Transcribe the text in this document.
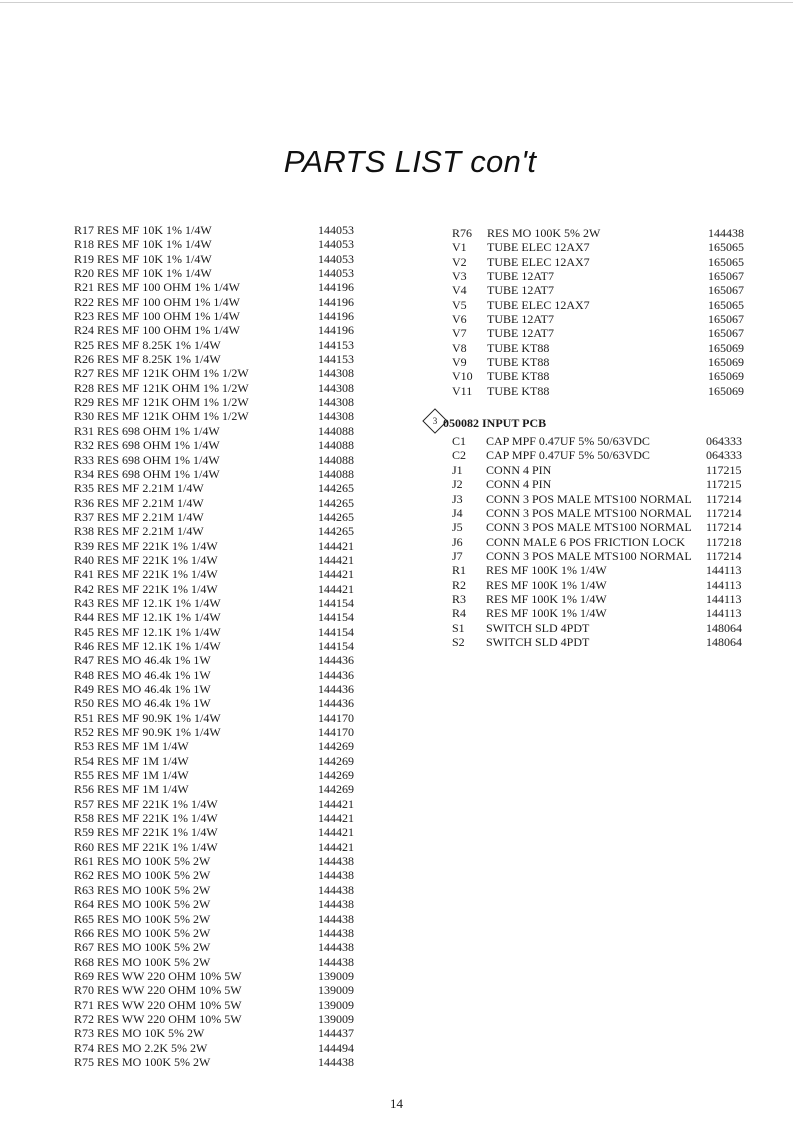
PARTS LIST con't
R17 RES MF 10K 1% 1/4W	144053
R18 RES MF 10K 1% 1/4W	144053
R19 RES MF 10K 1% 1/4W	144053
R20 RES MF 10K 1% 1/4W	144053
R21 RES MF 100 OHM 1% 1/4W	144196
R22 RES MF 100 OHM 1% 1/4W	144196
R23 RES MF 100 OHM 1% 1/4W	144196
R24 RES MF 100 OHM 1% 1/4W	144196
R25 RES MF 8.25K 1% 1/4W	144153
R26 RES MF 8.25K 1% 1/4W	144153
R27 RES MF 121K OHM 1% 1/2W	144308
R28 RES MF 121K OHM 1% 1/2W	144308
R29 RES MF 121K OHM 1% 1/2W	144308
R30 RES MF 121K OHM 1% 1/2W	144308
R31 RES 698 OHM 1% 1/4W	144088
R32 RES 698 OHM 1% 1/4W	144088
R33 RES 698 OHM 1% 1/4W	144088
R34 RES 698 OHM 1% 1/4W	144088
R35 RES MF 2.21M 1/4W	144265
R36 RES MF 2.21M 1/4W	144265
R37 RES MF 2.21M 1/4W	144265
R38 RES MF 2.21M 1/4W	144265
R39 RES MF 221K 1% 1/4W	144421
R40 RES MF 221K 1% 1/4W	144421
R41 RES MF 221K 1% 1/4W	144421
R42 RES MF 221K 1% 1/4W	144421
R43 RES MF 12.1K 1% 1/4W	144154
R44 RES MF 12.1K 1% 1/4W	144154
R45 RES MF 12.1K 1% 1/4W	144154
R46 RES MF 12.1K 1% 1/4W	144154
R47 RES MO 46.4k 1% 1W	144436
R48 RES MO 46.4k 1% 1W	144436
R49 RES MO 46.4k 1% 1W	144436
R50 RES MO 46.4k 1% 1W	144436
R51 RES MF 90.9K 1% 1/4W	144170
R52 RES MF 90.9K 1% 1/4W	144170
R53 RES MF 1M 1/4W	144269
R54 RES MF 1M 1/4W	144269
R55 RES MF 1M 1/4W	144269
R56 RES MF 1M 1/4W	144269
R57 RES MF 221K 1% 1/4W	144421
R58 RES MF 221K 1% 1/4W	144421
R59 RES MF 221K 1% 1/4W	144421
R60 RES MF 221K 1% 1/4W	144421
R61 RES MO 100K 5% 2W	144438
R62 RES MO 100K 5% 2W	144438
R63 RES MO 100K 5% 2W	144438
R64 RES MO 100K 5% 2W	144438
R65 RES MO 100K 5% 2W	144438
R66 RES MO 100K 5% 2W	144438
R67 RES MO 100K 5% 2W	144438
R68 RES MO 100K 5% 2W	144438
R69 RES WW 220 OHM 10% 5W	139009
R70 RES WW 220 OHM 10% 5W	139009
R71 RES WW 220 OHM 10% 5W	139009
R72 RES WW 220 OHM 10% 5W	139009
R73 RES MO 10K 5% 2W	144437
R74 RES MO 2.2K 5% 2W	144494
R75 RES MO 100K 5% 2W	144438
R76 RES MO 100K 5% 2W	144438
V1	TUBE ELEC 12AX7	165065
V2	TUBE ELEC 12AX7	165065
V3	TUBE 12AT7	165067
V4	TUBE 12AT7	165067
V5	TUBE ELEC 12AX7	165065
V6	TUBE 12AT7	165067
V7	TUBE 12AT7	165067
V8	TUBE KT88	165069
V9	TUBE KT88	165069
V10 TUBE KT88	165069
V11 TUBE KT88	165069
3 050082 INPUT PCB
C1	CAP MPF 0.47UF 5% 50/63VDC	064333
C2	CAP MPF 0.47UF 5% 50/63VDC	064333
J1	CONN 4 PIN	117215
J2	CONN 4 PIN	117215
J3	CONN 3 POS MALE MTS100 NORMAL 117214
J4	CONN 3 POS MALE MTS100 NORMAL 117214
J5	CONN 3 POS MALE MTS100 NORMAL 117214
J6	CONN MALE 6 POS FRICTION LOCK 117218
J7	CONN 3 POS MALE MTS100 NORMAL 117214
R1	RES MF 100K 1% 1/4W	144113
R2	RES MF 100K 1% 1/4W	144113
R3	RES MF 100K 1% 1/4W	144113
R4	RES MF 100K 1% 1/4W	144113
S1	SWITCH SLD 4PDT	148064
S2	SWITCH SLD 4PDT	148064
14
